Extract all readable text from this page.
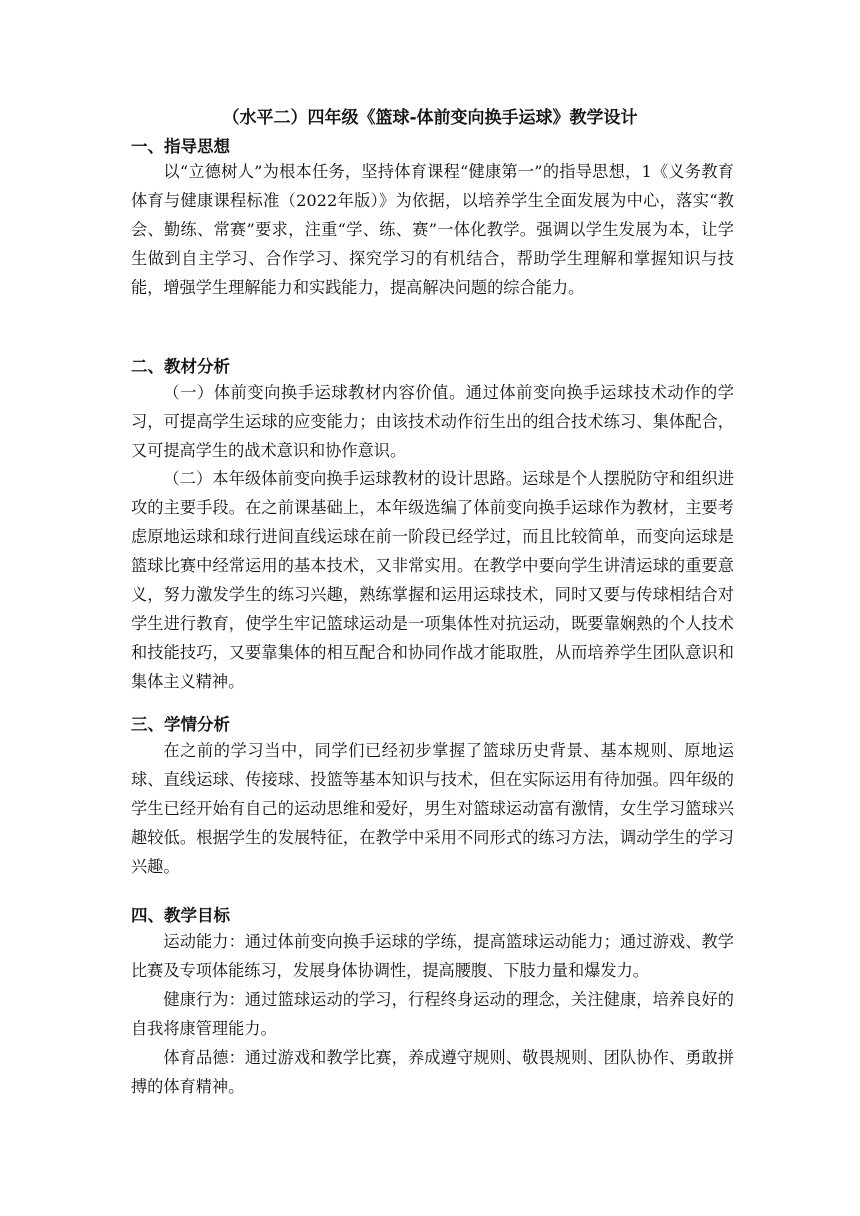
（水平二）四年级《篮球-体前变向换手运球》教学设计
一、指导思想
以“立德树人”为根本任务，坚持体育课程“健康第一”的指导思想，1《义务教育体育与健康课程标准（2022年版）》为依据，以培养学生全面发展为中心，落实“教会、勤练、常赛”要求，注重“学、练、赛”一体化教学。强调以学生发展为本，让学生做到自主学习、合作学习、探究学习的有机结合，帮助学生理解和掌握知识与技能，增强学生理解能力和实践能力，提高解决问题的综合能力。
二、教材分析
（一）体前变向换手运球教材内容价值。通过体前变向换手运球技术动作的学习，可提高学生运球的应变能力；由该技术动作衍生出的组合技术练习、集体配合，又可提高学生的战术意识和协作意识。
（二）本年级体前变向换手运球教材的设计思路。运球是个人摆脱防守和组织进攻的主要手段。在之前课基础上，本年级选编了体前变向换手运球作为教材，主要考虑原地运球和球行进间直线运球在前一阶段已经学过，而且比较简单，而变向运球是篮球比赛中经常运用的基本技术，又非常实用。在教学中要向学生讲清运球的重要意义，努力激发学生的练习兴趣，熟练掌握和运用运球技术，同时又要与传球相结合对学生进行教育，使学生牢记篮球运动是一项集体性对抗运动，既要靠娴熟的个人技术和技能技巧，又要靠集体的相互配合和协同作战才能取胜，从而培养学生团队意识和集体主义精神。
三、学情分析
在之前的学习当中，同学们已经初步掌握了篮球历史背景、基本规则、原地运球、直线运球、传接球、投篮等基本知识与技术，但在实际运用有待加强。四年级的学生已经开始有自己的运动思维和爱好，男生对篮球运动富有激情，女生学习篮球兴趣较低。根据学生的发展特征，在教学中采用不同形式的练习方法，调动学生的学习兴趣。
四、教学目标
运动能力：通过体前变向换手运球的学练，提高篮球运动能力；通过游戏、教学比赛及专项体能练习，发展身体协调性，提高腰腹、下肢力量和爆发力。
健康行为：通过篮球运动的学习，行程终身运动的理念，关注健康，培养良好的自我将康管理能力。
体育品德：通过游戏和教学比赛，养成遵守规则、敬畏规则、团队协作、勇敢拼搏的体育精神。
